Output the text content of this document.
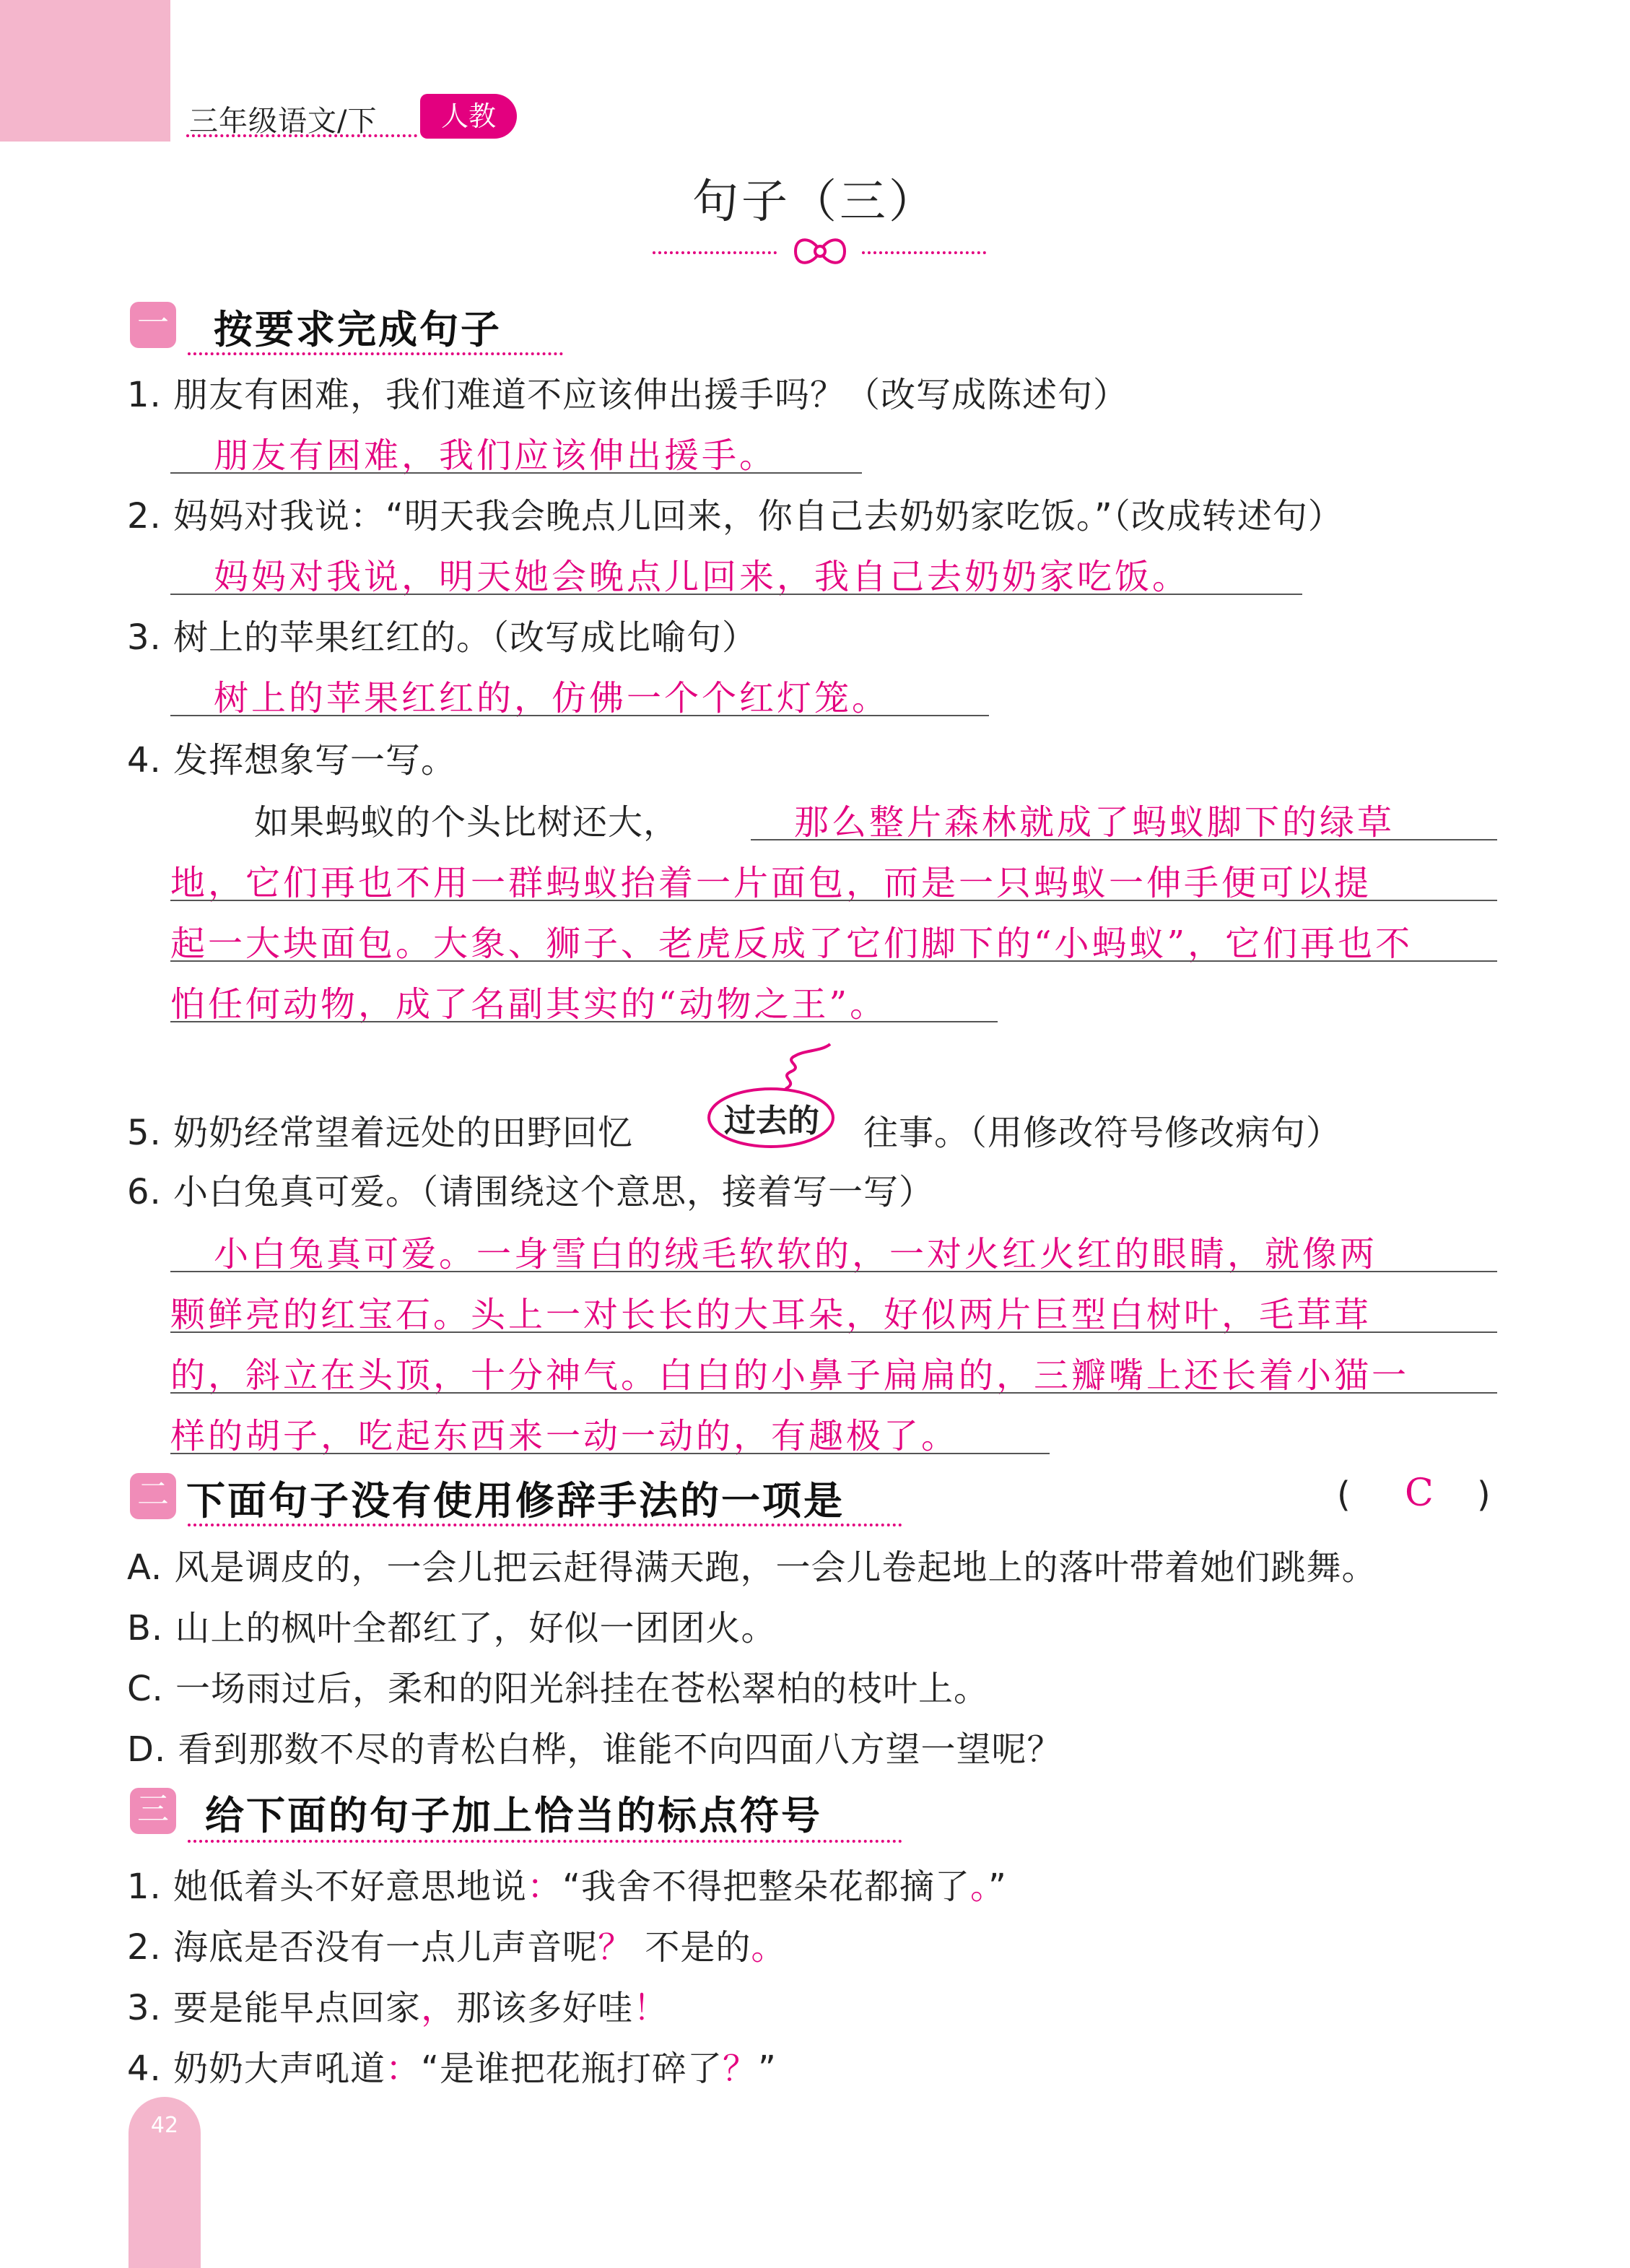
42
三年级语文/下	人教
句子（三）
一 按要求完成句子
1. 朋友有困难，我们难道不应该伸出援手吗？（改写成陈述句）
朋友有困难，我们应该伸出援手。
2. 妈妈对我说：“明天我会晚点儿回来，你自己去奶奶家吃饭。”（改成转述句）
妈妈对我说，明天她会晚点儿回来，我自己去奶奶家吃饭。
3. 树上的苹果红红的。（改写成比喻句）
树上的苹果红红的，仿佛一个个红灯笼。
4. 发挥想象写一写。
如果蚂蚁的个头比树还大，	那么整片森林就成了蚂蚁脚下的绿草
地，它们再也不用一群蚂蚁抬着一片面包，而是一只蚂蚁一伸手便可以提
起一大块面包。大象、狮子、老虎反成了它们脚下的“小蚂蚁”，它们再也不
怕任何动物，成了名副其实的“动物之王”。
5. 奶奶经常望着远处的田野回忆	过去的 往事。（用修改符号修改病句）
6. 小白兔真可爱。（请围绕这个意思，接着写一写）
小白兔真可爱。一身雪白的绒毛软软的，一对火红火红的眼睛，就像两
颗鲜亮的红宝石。头上一对长长的大耳朵，好似两片巨型白树叶，毛茸茸
的，斜立在头顶，十分神气。白白的小鼻子扁扁的，三瓣嘴上还长着小猫一
样的胡子，吃起东西来一动一动的，有趣极了。
二 下面句子没有使用修辞手法的一项是	( C )
A. 风是调皮的，一会儿把云赶得满天跑，一会儿卷起地上的落叶带着她们跳舞。
B. 山上的枫叶全都红了，好似一团团火。
C. 一场雨过后，柔和的阳光斜挂在苍松翠柏的枝叶上。
D. 看到那数不尽的青松白桦，谁能不向四面八方望一望呢？
三 给下面的句子加上恰当的标点符号
1. 她低着头不好意思地说：“我舍不得把整朵花都摘了。”
2. 海底是否没有一点儿声音呢？ 不是的。
3. 要是能早点回家，那该多好哇！
4. 奶奶大声吼道：“是谁把花瓶打碎了？”
